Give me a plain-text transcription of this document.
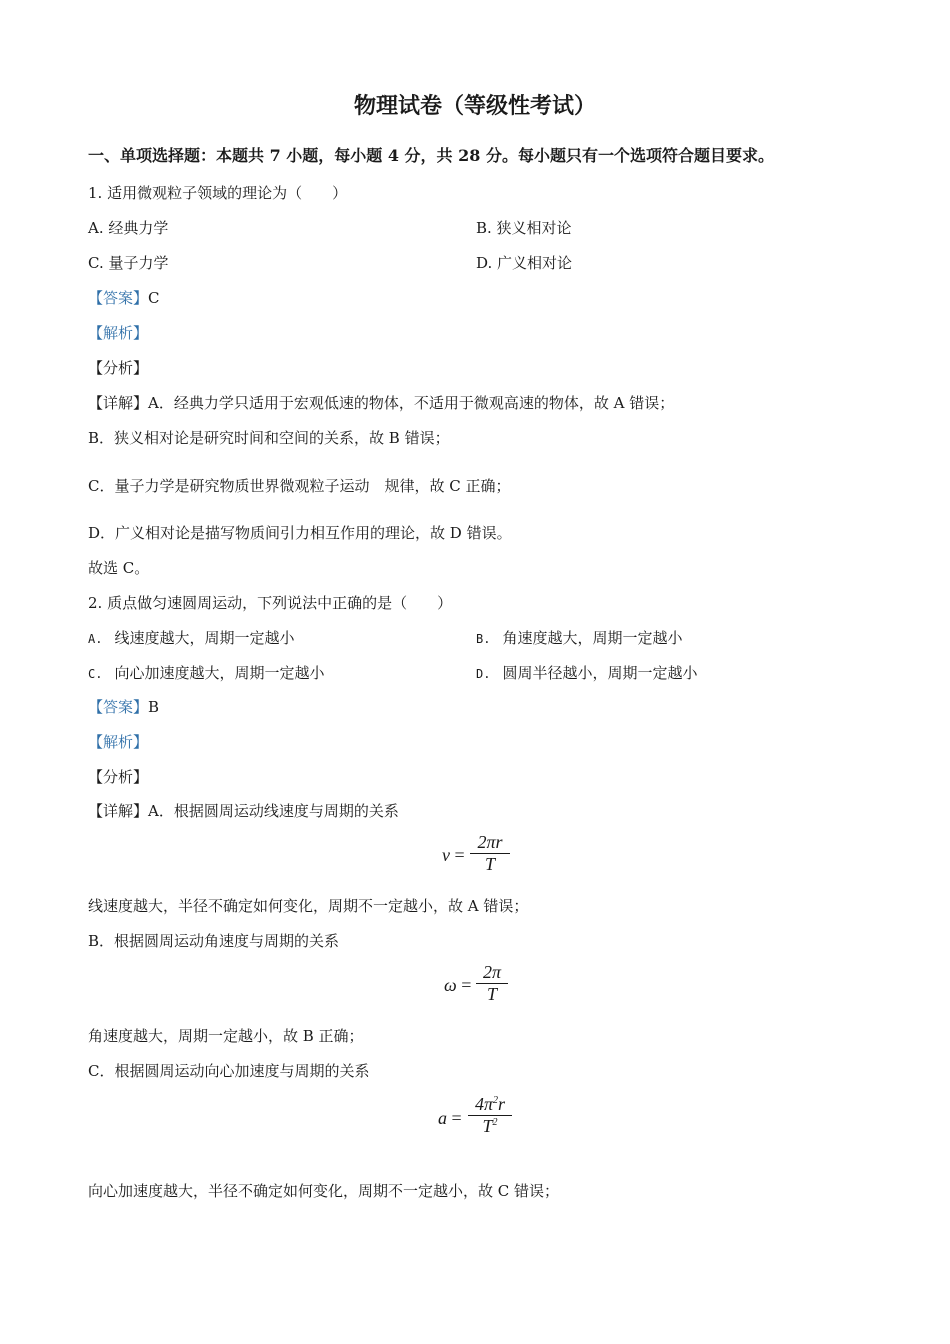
物理试卷（等级性考试）
一、单项选择题：本题共 7 小题，每小题 4 分，共 28 分。每小题只有一个选项符合题目要求。
1. 适用微观粒子领域的理论为（　　）
A. 经典力学	B. 狭义相对论
C. 量子力学	D. 广义相对论
【答案】C
【解析】
【分析】
【详解】A．经典力学只适用于宏观低速的物体，不适用于微观高速的物体，故 A 错误；
B．狭义相对论是研究时间和空间的关系，故 B 错误；
C．量子力学是研究物质世界微观粒子运动　规律，故 C 正确；
D．广义相对论是描写物质间引力相互作用的理论，故 D 错误。
故选 C。
2. 质点做匀速圆周运动，下列说法中正确的是（　　）
A. 线速度越大，周期一定越小	B. 角速度越大，周期一定越小
C. 向心加速度越大，周期一定越小	D. 圆周半径越小，周期一定越小
【答案】B
【解析】
【分析】
【详解】A．根据圆周运动线速度与周期的关系
v =
2πr
T
线速度越大，半径不确定如何变化，周期不一定越小，故 A 错误；
B．根据圆周运动角速度与周期的关系
ω =
2π
T
角速度越大，周期一定越小，故 B 正确；
C．根据圆周运动向心加速度与周期的关系
a =
$4\pi^2r$
$T^2$
向心加速度越大，半径不确定如何变化，周期不一定越小，故 C 错误；
